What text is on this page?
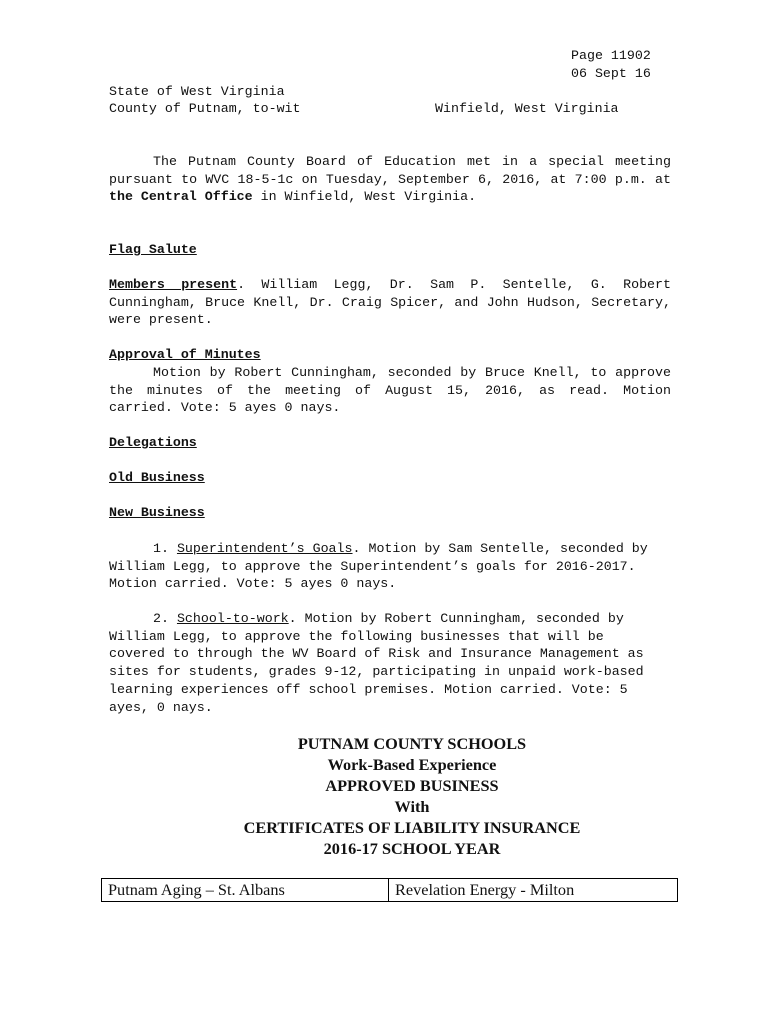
Page 11902
06 Sept 16
State of West Virginia
County of Putnam, to-wit	Winfield, West Virginia
The Putnam County Board of Education met in a special meeting pursuant to WVC 18-5-1c on Tuesday, September 6, 2016, at 7:00 p.m. at the Central Office in Winfield, West Virginia.
Flag Salute
Members present. William Legg, Dr. Sam P. Sentelle, G. Robert Cunningham, Bruce Knell, Dr. Craig Spicer, and John Hudson, Secretary, were present.
Approval of Minutes
Motion by Robert Cunningham, seconded by Bruce Knell, to approve the minutes of the meeting of August 15, 2016, as read. Motion carried. Vote: 5 ayes 0 nays.
Delegations
Old Business
New Business
1. Superintendent’s Goals. Motion by Sam Sentelle, seconded by William Legg, to approve the Superintendent’s goals for 2016-2017. Motion carried. Vote: 5 ayes 0 nays.
2. School-to-work. Motion by Robert Cunningham, seconded by William Legg, to approve the following businesses that will be covered to through the WV Board of Risk and Insurance Management as sites for students, grades 9-12, participating in unpaid work-based learning experiences off school premises. Motion carried. Vote: 5 ayes, 0 nays.
PUTNAM COUNTY SCHOOLS
Work-Based Experience
APPROVED BUSINESS
With
CERTIFICATES OF LIABILITY INSURANCE
2016-17 SCHOOL YEAR
Putnam Aging – St. Albans	Revelation Energy - Milton
